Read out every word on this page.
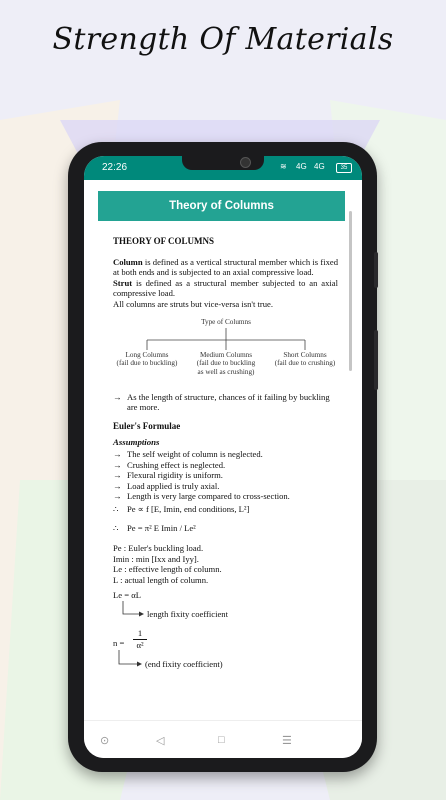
Strength Of Materials
22:26	≋ 4G 4G	35
Theory of Columns
THEORY OF COLUMNS

Column is defined as a vertical structural member which is fixed at both ends and is subjected to an axial compressive load.

Strut is defined as a structural member subjected to an axial compressive load.

All columns are struts but vice-versa isn't true.

Type of Columns
Long Columns
(fail due to buckling)
Medium Columns
(fail due to buckling
as well as crushing)
Short Columns
(fail due to crushing)
→ As the length of structure, chances of it failing by buckling are more.
Euler's Formulae
Assumptions
→ The self weight of column is neglected.
→ Crushing effect is neglected.
→ Flexural rigidity is uniform.
→ Load applied is truly axial.
→ Length is very large compared to cross-section.
∴ Pe ∝ f [E, Imin, end conditions, L²]
∴ Pe = π² E Imin / Le²
Pe : Euler's buckling load.
Imin : min [Ixx and Iyy].
Le : effective length of column.
L : actual length of column.
Le = αL
length fixity coefficient
n =
1
α²
(end fixity coefficient)
⊙	◁	□	☰
